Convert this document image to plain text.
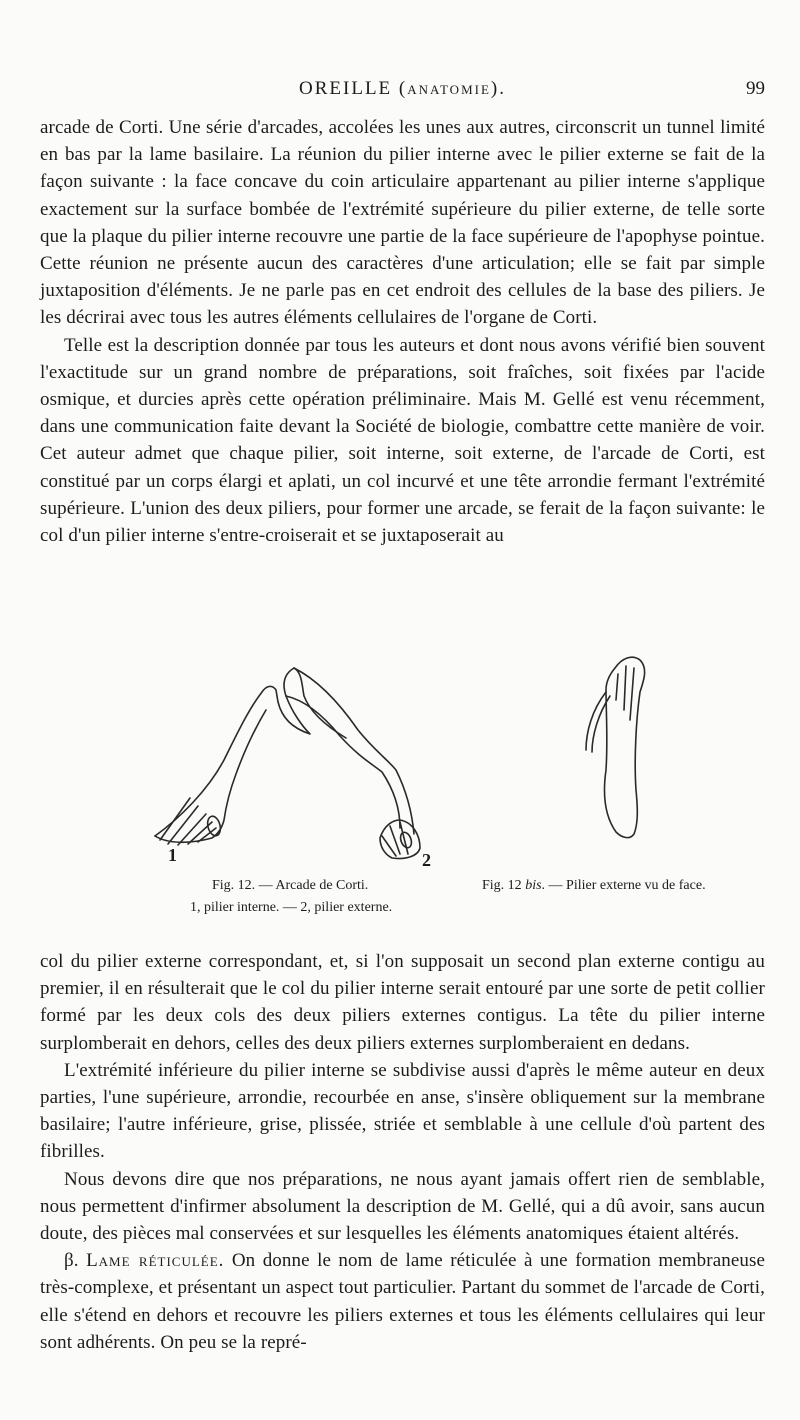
OREILLE (ANATOMIE).	99

arcade de Corti. Une série d'arcades, accolées les unes aux autres, circonscrit un tunnel limité en bas par la lame basilaire. La réunion du pilier interne avec le pilier externe se fait de la façon suivante : la face concave du coin articulaire appartenant au pilier interne s'applique exactement sur la surface bombée de l'extrémité supérieure du pilier externe, de telle sorte que la plaque du pilier interne recouvre une partie de la face supérieure de l'apophyse pointue. Cette réunion ne présente aucun des caractères d'une articulation; elle se fait par simple juxtaposition d'éléments. Je ne parle pas en cet endroit des cellules de la base des piliers. Je les décrirai avec tous les autres éléments cellulaires de l'organe de Corti.

Telle est la description donnée par tous les auteurs et dont nous avons vérifié bien souvent l'exactitude sur un grand nombre de préparations, soit fraîches, soit fixées par l'acide osmique, et durcies après cette opération préliminaire. Mais M. Gellé est venu récemment, dans une communication faite devant la Société de biologie, combattre cette manière de voir. Cet auteur admet que chaque pilier, soit interne, soit externe, de l'arcade de Corti, est constitué par un corps élargi et aplati, un col incurvé et une tête arrondie fermant l'extrémité supérieure. L'union des deux piliers, pour former une arcade, se ferait de la façon suivante: le col d'un pilier interne s'entre-croiserait et se juxtaposerait au

1	2
Fig. 12. — Arcade de Corti.
1, pilier interne. — 2, pilier externe.
Fig. 12 bis. — Pilier externe vu de face.

col du pilier externe correspondant, et, si l'on supposait un second plan externe contigu au premier, il en résulterait que le col du pilier interne serait entouré par une sorte de petit collier formé par les deux cols des deux piliers externes contigus. La tête du pilier interne surplomberait en dehors, celles des deux piliers externes surplomberaient en dedans.

L'extrémité inférieure du pilier interne se subdivise aussi d'après le même auteur en deux parties, l'une supérieure, arrondie, recourbée en anse, s'insère obliquement sur la membrane basilaire; l'autre inférieure, grise, plissée, striée et semblable à une cellule d'où partent des fibrilles.

Nous devons dire que nos préparations, ne nous ayant jamais offert rien de semblable, nous permettent d'infirmer absolument la description de M. Gellé, qui a dû avoir, sans aucun doute, des pièces mal conservées et sur lesquelles les éléments anatomiques étaient altérés.

β. Lame réticulée. On donne le nom de lame réticulée à une formation membraneuse très-complexe, et présentant un aspect tout particulier. Partant du sommet de l'arcade de Corti, elle s'étend en dehors et recouvre les piliers externes et tous les éléments cellulaires qui leur sont adhérents. On peu se la repré-
